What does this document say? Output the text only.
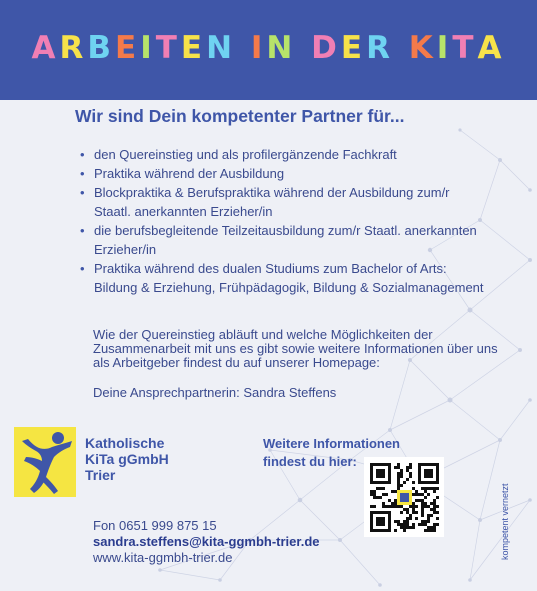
ARBEITEN IN DER KITA
Wir sind Dein kompetenter Partner für...
• den Quereinstieg und als profilergänzende Fachkraft
• Praktika während der Ausbildung
• Blockpraktika & Berufspraktika während der Ausbildung zum/r
Staatl. anerkannten Erzieher/in
• die berufsbegleitende Teilzeitausbildung zum/r Staatl. anerkannten
Erzieher/in
• Praktika während des dualen Studiums zum Bachelor of Arts:
Bildung & Erziehung, Frühpädagogik, Bildung & Sozialmanagement
Wie der Quereinstieg abläuft und welche Möglichkeiten der Zusammenarbeit mit uns es gibt sowie weitere Informationen über uns als Arbeitgeber findest du auf unserer Homepage:
Deine Ansprechpartnerin: Sandra Steffens
Katholische
KiTa gGmbH
Trier
Weitere Informationen
findest du hier:
Fon 0651 999 875 15
sandra.steffens@kita-ggmbh-trier.de
www.kita-ggmbh-trier.de	kompetent vernetzt
